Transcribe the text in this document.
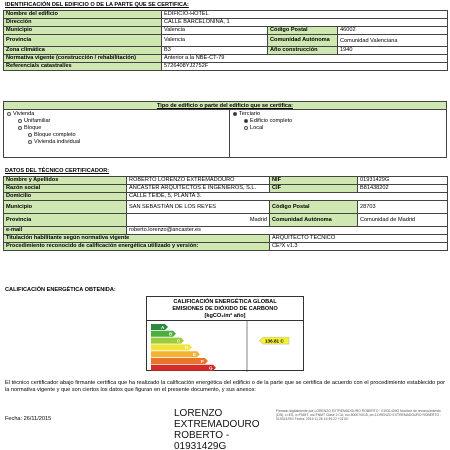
IDENTIFICACIÓN DEL EDIFICIO O DE LA PARTE QUE SE CERTIFICA:
Nombre del edificio	EDIFICIO-HOTEL		
Dirección	CALLE BARCELONINA, 1		
Municipio	Valencia	Código Postal	46002
Provincia	Valencia	Comunidad Autónoma	Comunidad Valenciana
Zona climática	B3	Año construcción	1940
Normativa vigente (construcción / rehabilitación)	Anterior a la NBE-CT-79		
Referencia/s catastral/es	5726408YJ2752F		
Tipo de edificio o parte del edificio que se certifica:
Vivienda
Unifamiliar
Bloque
Bloque completo
Vivienda individual
Terciario
Edificio completo
Local
DATOS DEL TÉCNICO CERTIFICADOR:
Nombre y Apellidos	ROBERTO LORENZO EXTREMADOURO	NIF	01931429G
Razón social	ANCASTER ARQUITECTOS E INGENIEROS, S.L.	CIF	B81438202
Domicilio	CALLE TEIDE, 5, PLANTA 3.		
Municipio	SAN SEBASTIÁN DE LOS REYES	Código Postal	28703
Provincia	Madrid	Comunidad Autónoma	Comunidad de Madrid
e-mail	roberto.lorenzo@ancaster.es		
Titulación habilitante según normativa vigente		ARQUITECTO TÉCNICO	
Procedimiento reconocido de calificación energética utilizado y versión:		CE³X v1.3	
CALIFICACIÓN ENERGÉTICA OBTENIDA:
CALIFICACIÓN ENERGÉTICA GLOBAL
EMISIONES DE DIÓXIDO DE CARBONO
[kgCO₂/m² año]
A
B
C
D
E
F
G
136.81 C
El técnico certificador abajo firmante certifica que ha realizado la calificación energética del edificio o de la parte que se certifica de acuerdo con el procedimiento establecido por la normativa vigente y que son ciertos los datos que figuran en el presente documento, y sus anexos:
Fecha: 26/11/2015	LORENZO EXTREMADOURO ROBERTO - 01931429G
Firmado digitalmente por LORENZO EXTREMADOURO ROBERTO - 01931429G Nombre de reconocimiento (DN): c=ES, o=FNMT, ou=FNMT Clase 2 CA, ou=500070015, cn=LORENZO EXTREMADOURO ROBERTO - 01931429G Fecha: 2015.11.26 13:49:22 +01'00'
